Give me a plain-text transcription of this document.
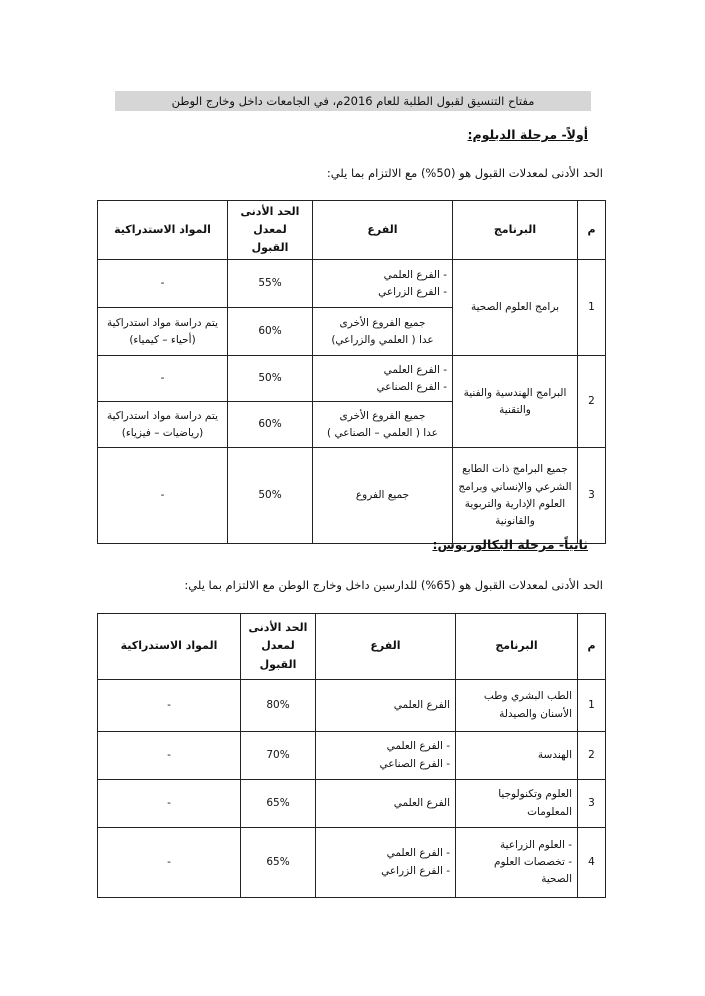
مفتاح التنسيق لقبول الطلبة للعام 2016م، في الجامعات داخل وخارج الوطن
أولاً- مرحلة الدبلوم:
الحد الأدنى لمعدلات القبول هو (50%) مع الالتزام بما يلي:
م	البرنامج	الفرع	الحد الأدنى لمعدل القبول	المواد الاستدراكية
1	برامج العلوم الصحية	- الفرع العلمي
- الفرع الزراعي	55%	-

		جميع الفروع الأخرى
عدا ( العلمي والزراعي)	60%	يتم دراسة مواد استدراكية (أحياء – كيمياء)
2	البرامج الهندسية والفنية والتقنية	- الفرع العلمي
- الفرع الصناعي	50%	-

		جميع الفروع الأخرى
عدا ( العلمي – الصناعي )	60%	يتم دراسة مواد استدراكية (رياضيات – فيزياء)
3	جميع البرامج ذات الطابع الشرعي والإنساني وبرامج العلوم الإدارية والتربوية والقانونية	جميع الفروع	50%	-
ثانياً- مرحلة البكالوريوس:
الحد الأدنى لمعدلات القبول هو (65%) للدارسين داخل وخارج الوطن مع الالتزام بما يلي:
م	البرنامج	الفرع	الحد الأدنى لمعدل القبول	المواد الاستدراكية
1	الطب البشري وطب
الأسنان والصيدلة	الفرع العلمي	80%	-
2	الهندسة	- الفرع العلمي
- الفرع الصناعي	70%	-
3	العلوم وتكنولوجيا
المعلومات	الفرع العلمي	65%	-
4	- العلوم الزراعية
- تخصصات العلوم
الصحية	- الفرع العلمي
- الفرع الزراعي	65%	-
